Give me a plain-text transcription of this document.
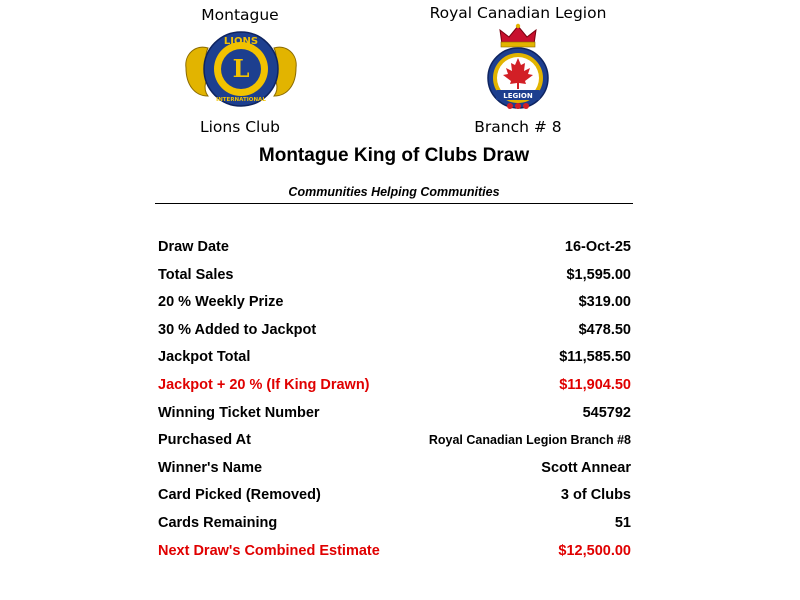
Montague
LIONS
L
INTERNATIONAL
Lions Club
Royal Canadian Legion
LEGION
Branch # 8
Montague King of Clubs Draw
Communities Helping Communities
Draw Date	16-Oct-25
Total Sales	$1,595.00
20 % Weekly Prize	$319.00
30 % Added to Jackpot	$478.50
Jackpot Total	$11,585.50
Jackpot + 20 % (If King Drawn)	$11,904.50
Winning Ticket Number	545792
Purchased At	Royal Canadian Legion Branch #8
Winner's Name	Scott Annear
Card Picked (Removed)	3 of Clubs
Cards Remaining	51
Next Draw's Combined Estimate	$12,500.00
